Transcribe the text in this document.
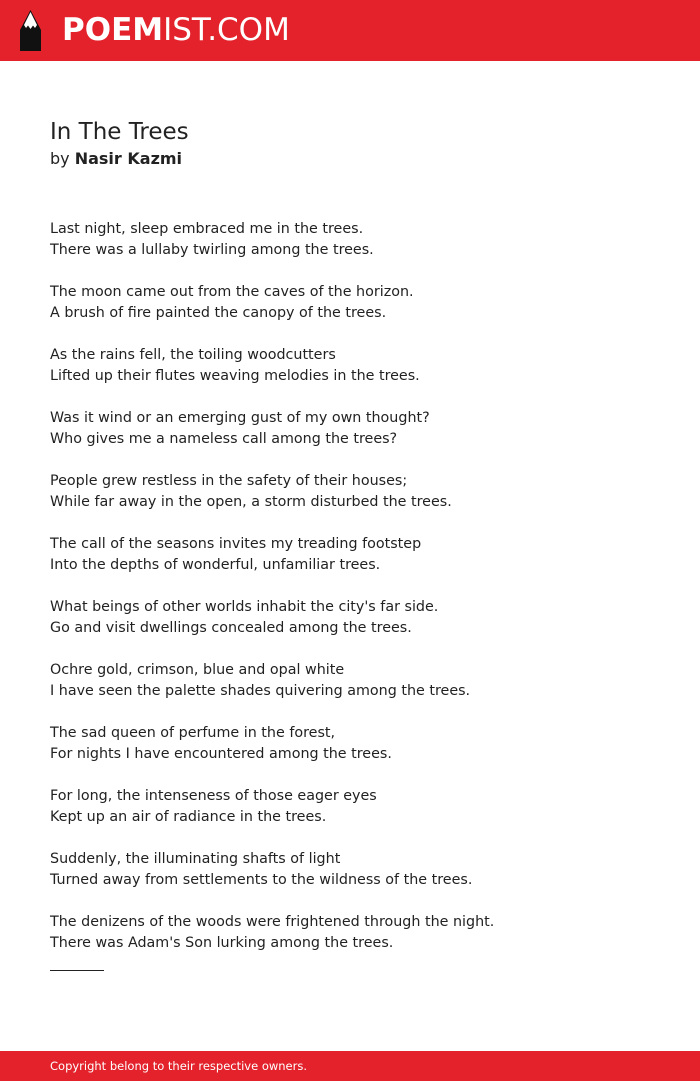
POEMIST.COM
In The Trees
by Nasir Kazmi
Last night, sleep embraced me in the trees.
There was a lullaby twirling among the trees.
The moon came out from the caves of the horizon.
A brush of fire painted the canopy of the trees.
As the rains fell, the toiling woodcutters
Lifted up their flutes weaving melodies in the trees.
Was it wind or an emerging gust of my own thought?
Who gives me a nameless call among the trees?
People grew restless in the safety of their houses;
While far away in the open, a storm disturbed the trees.
The call of the seasons invites my treading footstep
Into the depths of wonderful, unfamiliar trees.
What beings of other worlds inhabit the city's far side.
Go and visit dwellings concealed among the trees.
Ochre gold, crimson, blue and opal white
I have seen the palette shades quivering among the trees.
The sad queen of perfume in the forest,
For nights I have encountered among the trees.
For long, the intenseness of those eager eyes
Kept up an air of radiance in the trees.
Suddenly, the illuminating shafts of light
Turned away from settlements to the wildness of the trees.
The denizens of the woods were frightened through the night.
There was Adam's Son lurking among the trees.
Copyright belong to their respective owners.
